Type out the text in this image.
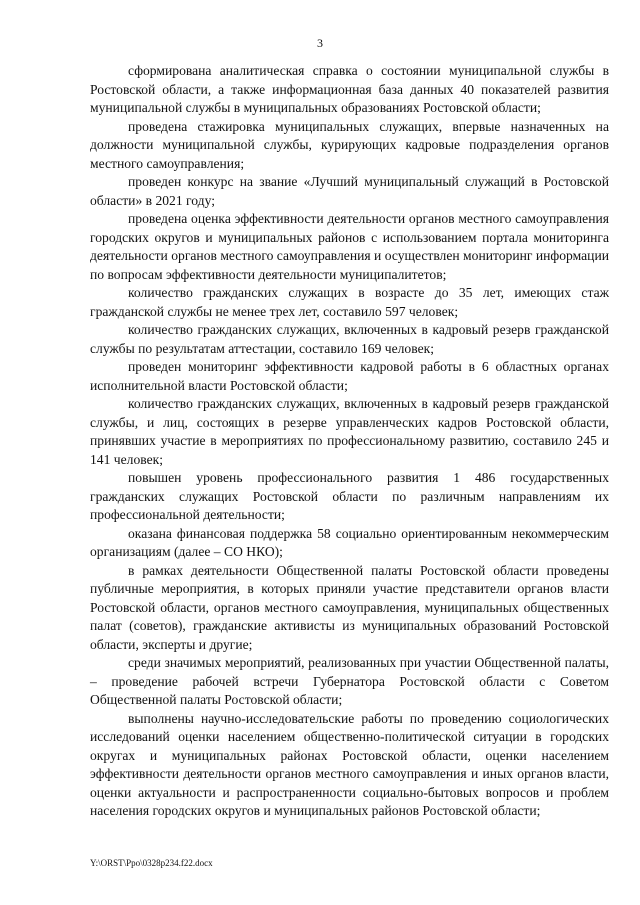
3

сформирована аналитическая справка о состоянии муниципальной службы в Ростовской области, а также информационная база данных 40 показателей развития муниципальной службы в муниципальных образованиях Ростовской области;

проведена стажировка муниципальных служащих, впервые назначенных на должности муниципальной службы, курирующих кадровые подразделения органов местного самоуправления;

проведен конкурс на звание «Лучший муниципальный служащий в Ростовской области» в 2021 году;

проведена оценка эффективности деятельности органов местного самоуправления городских округов и муниципальных районов с использованием портала мониторинга деятельности органов местного самоуправления и осуществлен мониторинг информации по вопросам эффективности деятельности муниципалитетов;

количество гражданских служащих в возрасте до 35 лет, имеющих стаж гражданской службы не менее трех лет, составило 597 человек;

количество гражданских служащих, включенных в кадровый резерв гражданской службы по результатам аттестации, составило 169 человек;

проведен мониторинг эффективности кадровой работы в 6 областных органах исполнительной власти Ростовской области;

количество гражданских служащих, включенных в кадровый резерв гражданской службы, и лиц, состоящих в резерве управленческих кадров Ростовской области, принявших участие в мероприятиях по профессиональному развитию, составило 245 и 141 человек;

повышен уровень профессионального развития 1 486 государственных гражданских служащих Ростовской области по различным направлениям их профессиональной деятельности;

оказана финансовая поддержка 58 социально ориентированным некоммерческим организациям (далее – СО НКО);

в рамках деятельности Общественной палаты Ростовской области проведены публичные мероприятия, в которых приняли участие представители органов власти Ростовской области, органов местного самоуправления, муниципальных общественных палат (советов), гражданские активисты из муниципальных образований Ростовской области, эксперты и другие;

среди значимых мероприятий, реализованных при участии Общественной палаты, – проведение рабочей встречи Губернатора Ростовской области с Советом Общественной палаты Ростовской области;

выполнены научно-исследовательские работы по проведению социологических исследований оценки населением общественно-политической ситуации в городских округах и муниципальных районах Ростовской области, оценки населением эффективности деятельности органов местного самоуправления и иных органов власти, оценки актуальности и распространенности социально-бытовых вопросов и проблем населения городских округов и муниципальных районов Ростовской области;

Y:\ORST\Ppo\0328p234.f22.docx
